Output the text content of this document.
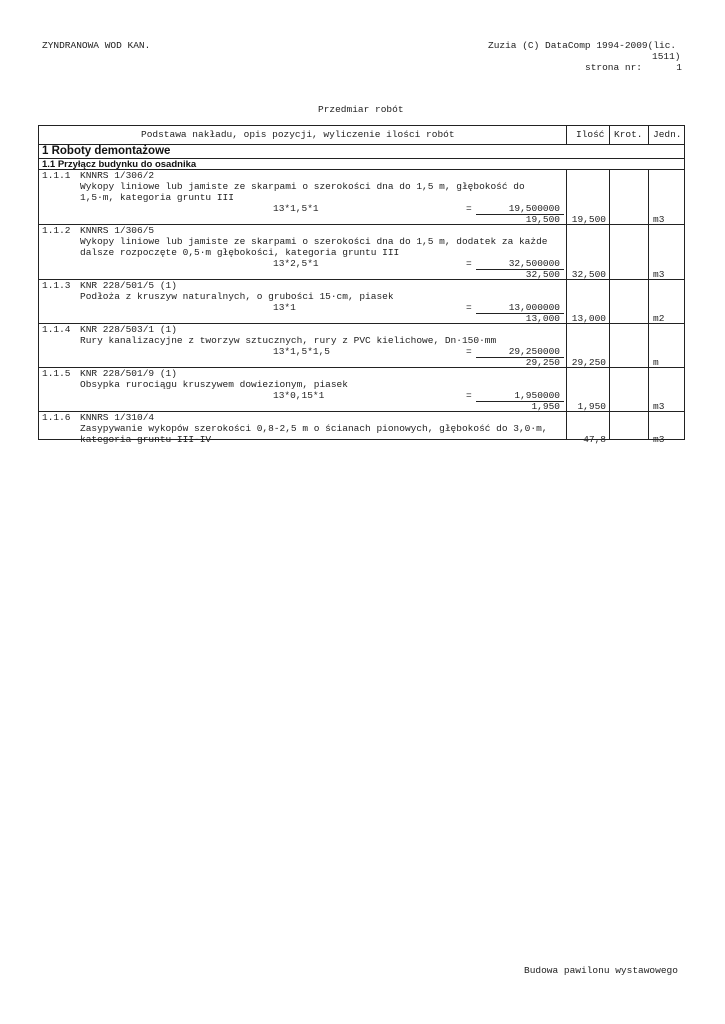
ZYNDRANOWA WOD KAN.	Zuzia (C) DataComp 1994-2009(lic.
1511)
strona nr:	1
Przedmiar robót
Podstawa nakładu, opis pozycji, wyliczenie ilości robót	Ilość Krot. Jedn.
1 Roboty demontażowe
1.1 Przyłącz budynku do osadnika
1.1.1 KNNRS 1/306/2
Wykopy liniowe lub jamiste ze skarpami o szerokości dna do 1,5 m, głębokość do
1,5·m, kategoria gruntu III
13*1,5*1	=	19,500000
19,500 19,500	m3
1.1.2 KNNRS 1/306/5
Wykopy liniowe lub jamiste ze skarpami o szerokości dna do 1,5 m, dodatek za każde
dalsze rozpoczęte 0,5·m głębokości, kategoria gruntu III
13*2,5*1	=	32,500000
32,500 32,500	m3
1.1.3 KNR 228/501/5 (1)
Podłoża z kruszyw naturalnych, o grubości 15·cm, piasek
13*1	=	13,000000
13,000 13,000	m2
1.1.4 KNR 228/503/1 (1)
Rury kanalizacyjne z tworzyw sztucznych, rury z PVC kielichowe, Dn·150·mm
13*1,5*1,5	=	29,250000
29,250 29,250	m
1.1.5 KNR 228/501/9 (1)
Obsypka rurociągu kruszywem dowiezionym, piasek
13*0,15*1	=	1,950000
1,950 1,950	m3
1.1.6 KNNRS 1/310/4
Zasypywanie wykopów szerokości 0,8-2,5 m o ścianach pionowych, głębokość do 3,0·m,
kategoria gruntu III-IV	47,8	m3
Budowa pawilonu wystawowego
